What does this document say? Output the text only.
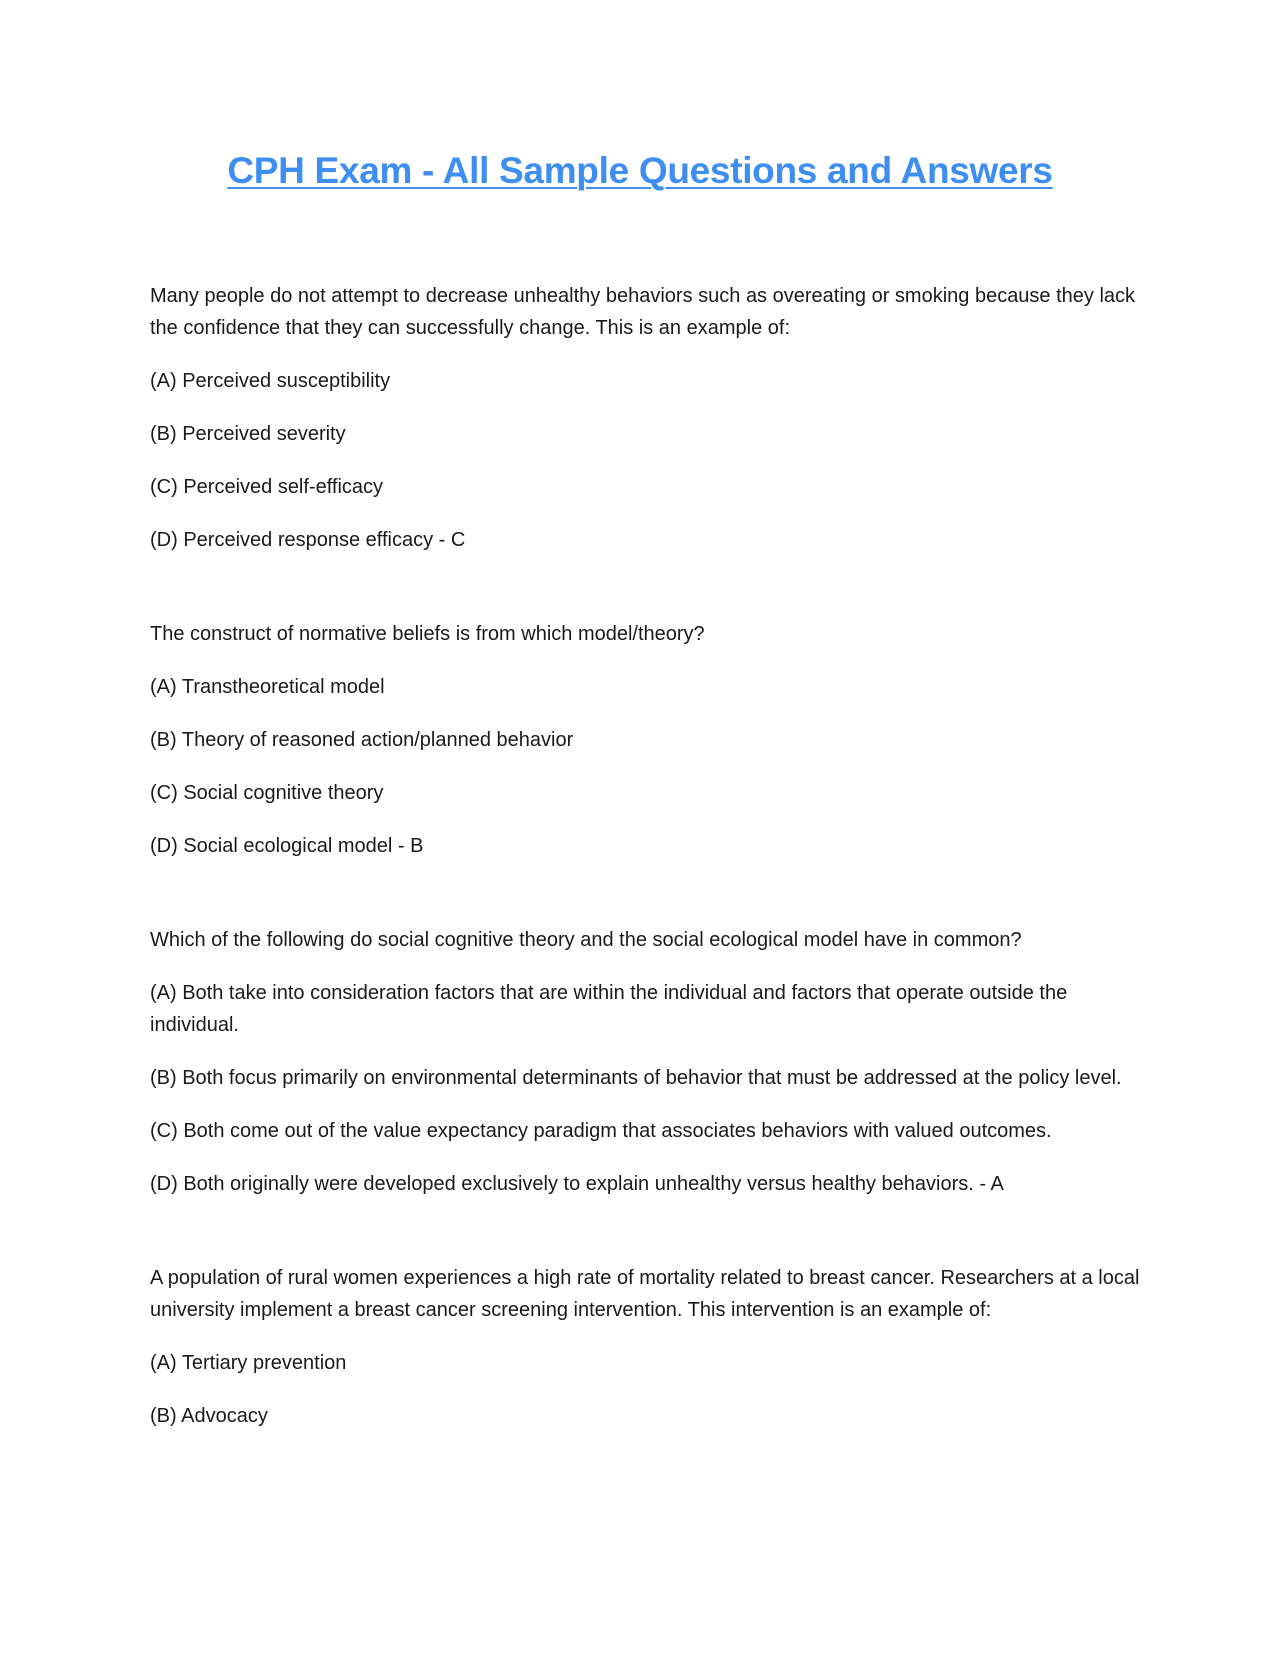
CPH Exam - All Sample Questions and Answers

Many people do not attempt to decrease unhealthy behaviors such as overeating or smoking because they lack the confidence that they can successfully change. This is an example of:

(A) Perceived susceptibility

(B) Perceived severity

(C) Perceived self-efficacy

(D) Perceived response efficacy - C

The construct of normative beliefs is from which model/theory?

(A) Transtheoretical model

(B) Theory of reasoned action/planned behavior

(C) Social cognitive theory

(D) Social ecological model - B

Which of the following do social cognitive theory and the social ecological model have in common?

(A) Both take into consideration factors that are within the individual and factors that operate outside the individual.

(B) Both focus primarily on environmental determinants of behavior that must be addressed at the policy level.

(C) Both come out of the value expectancy paradigm that associates behaviors with valued outcomes.

(D) Both originally were developed exclusively to explain unhealthy versus healthy behaviors. - A

A population of rural women experiences a high rate of mortality related to breast cancer. Researchers at a local university implement a breast cancer screening intervention. This intervention is an example of:

(A) Tertiary prevention

(B) Advocacy
